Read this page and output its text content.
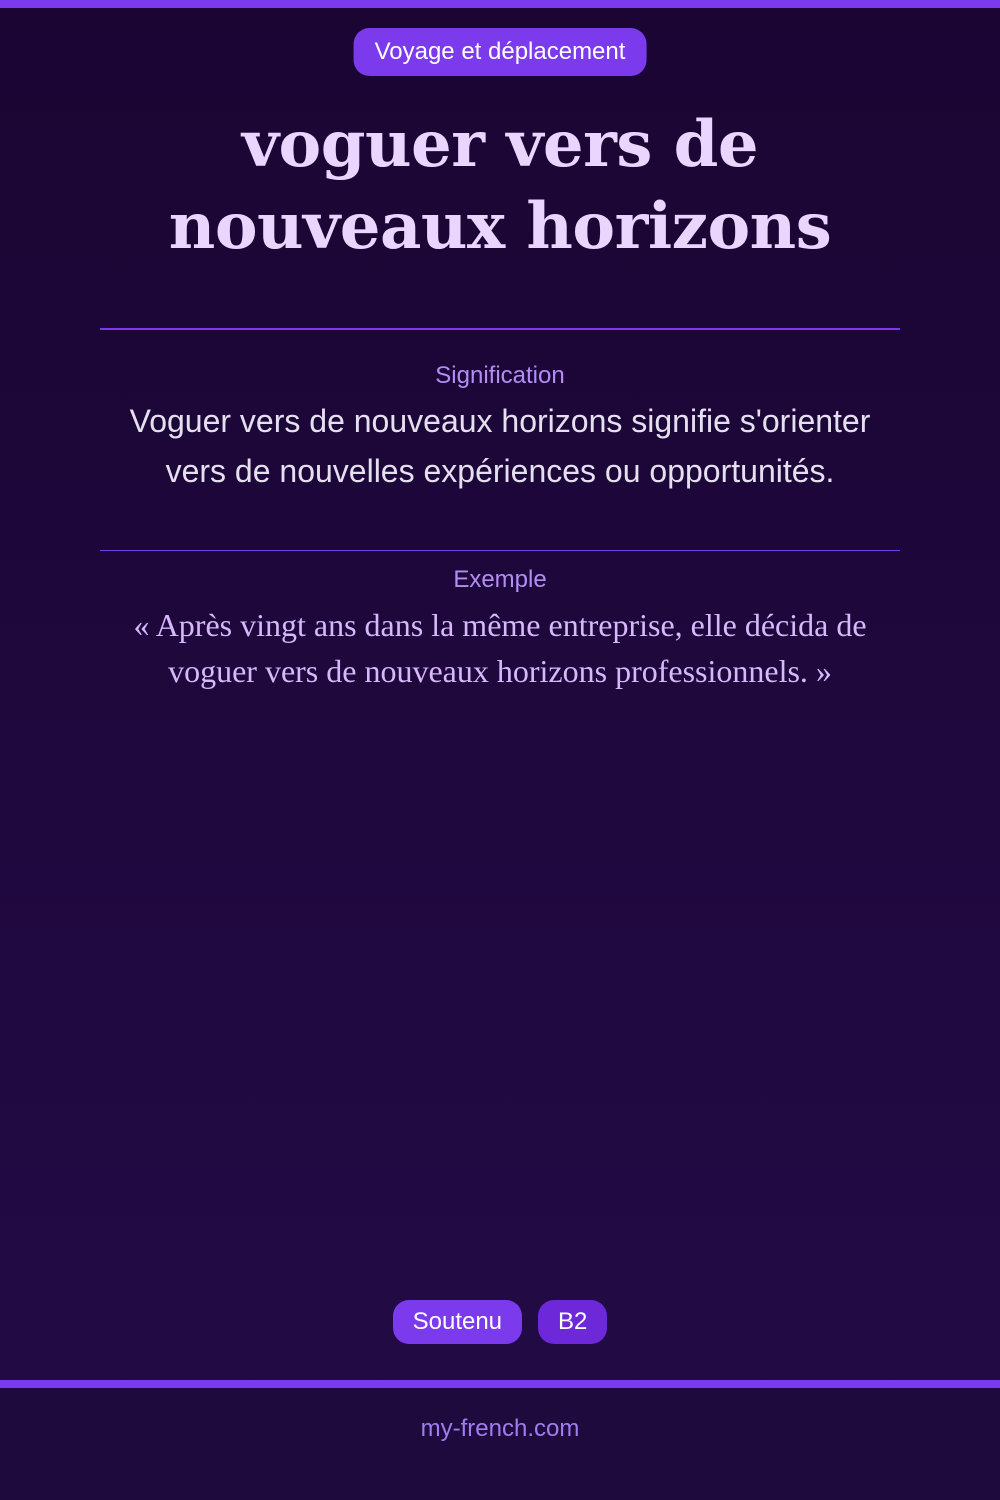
Voyage et déplacement
voguer vers de nouveaux horizons
Signification

Voguer vers de nouveaux horizons signifie s'orienter vers de nouvelles expériences ou opportunités.

Exemple

« Après vingt ans dans la même entreprise, elle décida de voguer vers de nouveaux horizons professionnels. »

Soutenu	B2
my-french.com
